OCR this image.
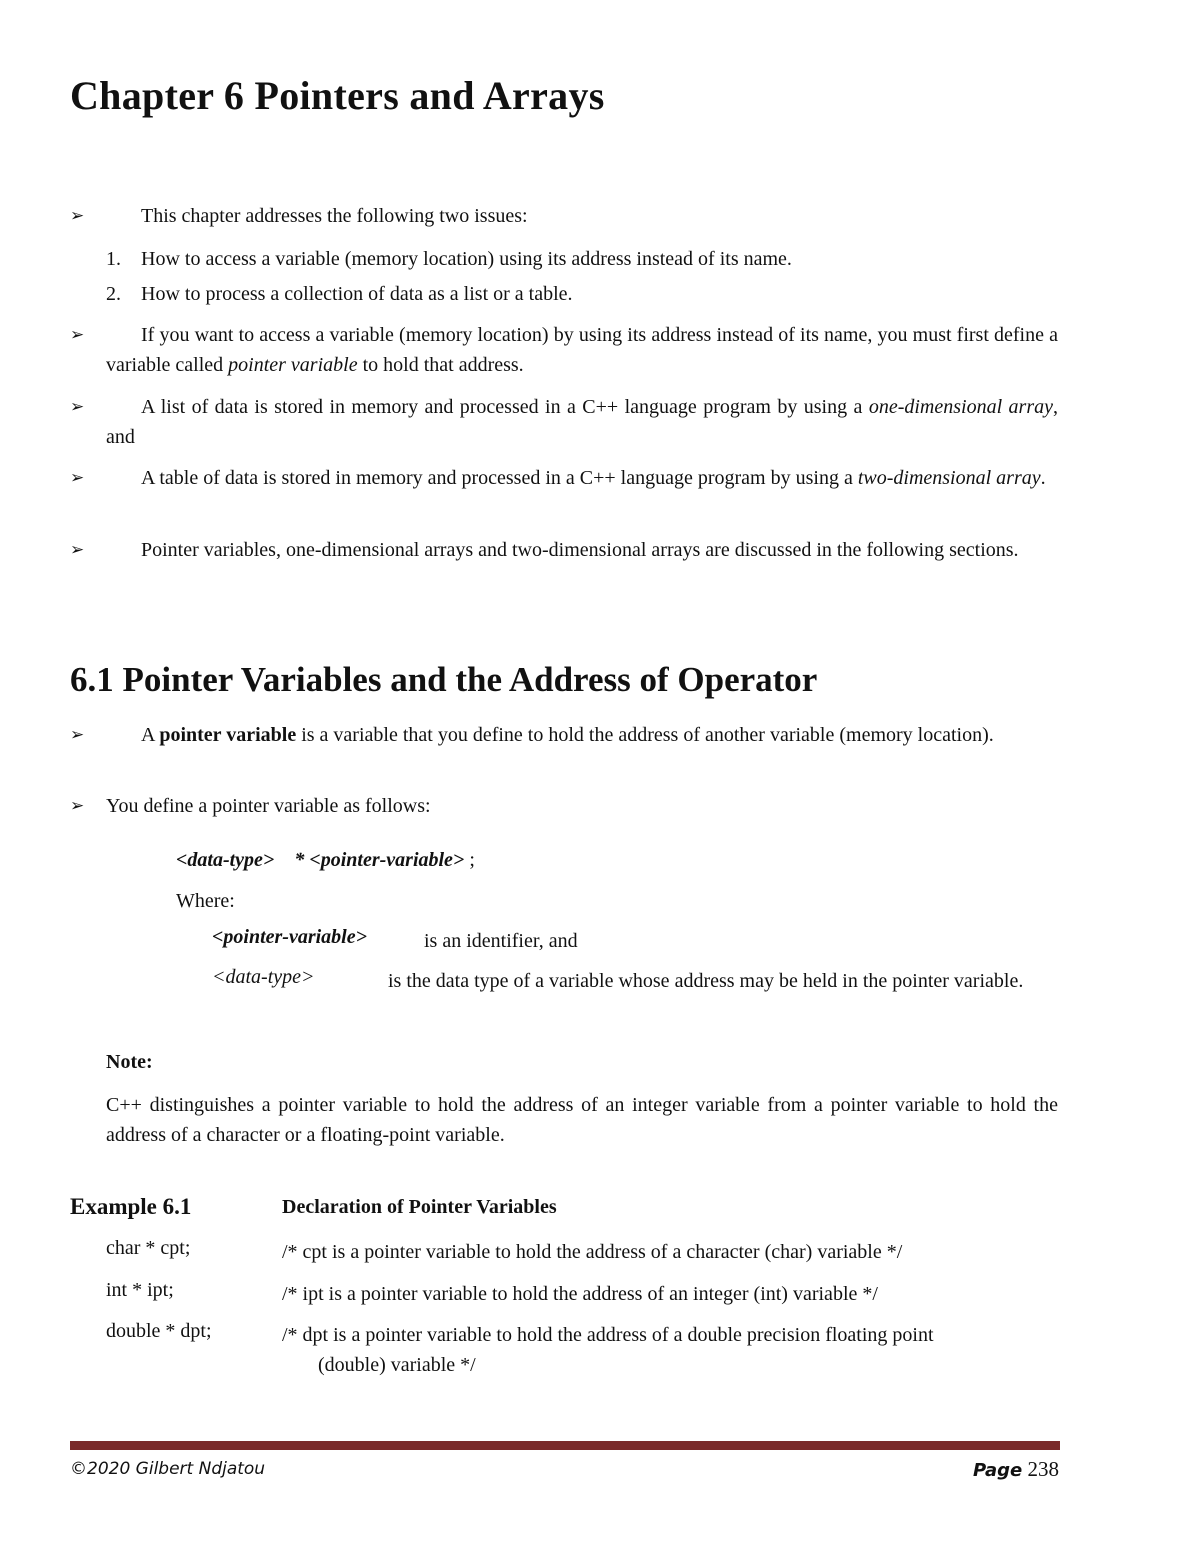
Chapter 6 Pointers and Arrays
➢	This chapter addresses the following two issues:
1. How to access a variable (memory location) using its address instead of its name.
2. How to process a collection of data as a list or a table.
➢	If you want to access a variable (memory location) by using its address instead of its name, you must first define a variable called pointer variable to hold that address.
➢	A list of data is stored in memory and processed in a C++ language program by using a one-dimensional array, and
➢	A table of data is stored in memory and processed in a C++ language program by using a two-dimensional array.
➢	Pointer variables, one-dimensional arrays and two-dimensional arrays are discussed in the following sections.
6.1 Pointer Variables and the Address of Operator
➢	A pointer variable is a variable that you define to hold the address of another variable (memory location).
➢	You define a pointer variable as follows:
<data-type> * <pointer-variable> ;
Where:
<pointer-variable>	is an identifier, and
<data-type>	is the data type of a variable whose address may be held in the pointer variable.
Note:
C++ distinguishes a pointer variable to hold the address of an integer variable from a pointer variable to hold the address of a character or a floating-point variable.
Example 6.1	Declaration of Pointer Variables
char * cpt;	/* cpt is a pointer variable to hold the address of a character (char) variable */
int * ipt;	/* ipt is a pointer variable to hold the address of an integer (int) variable */
double * dpt;	/* dpt is a pointer variable to hold the address of a double precision floating point
(double) variable */
©2020 Gilbert Ndjatou	Page 238
